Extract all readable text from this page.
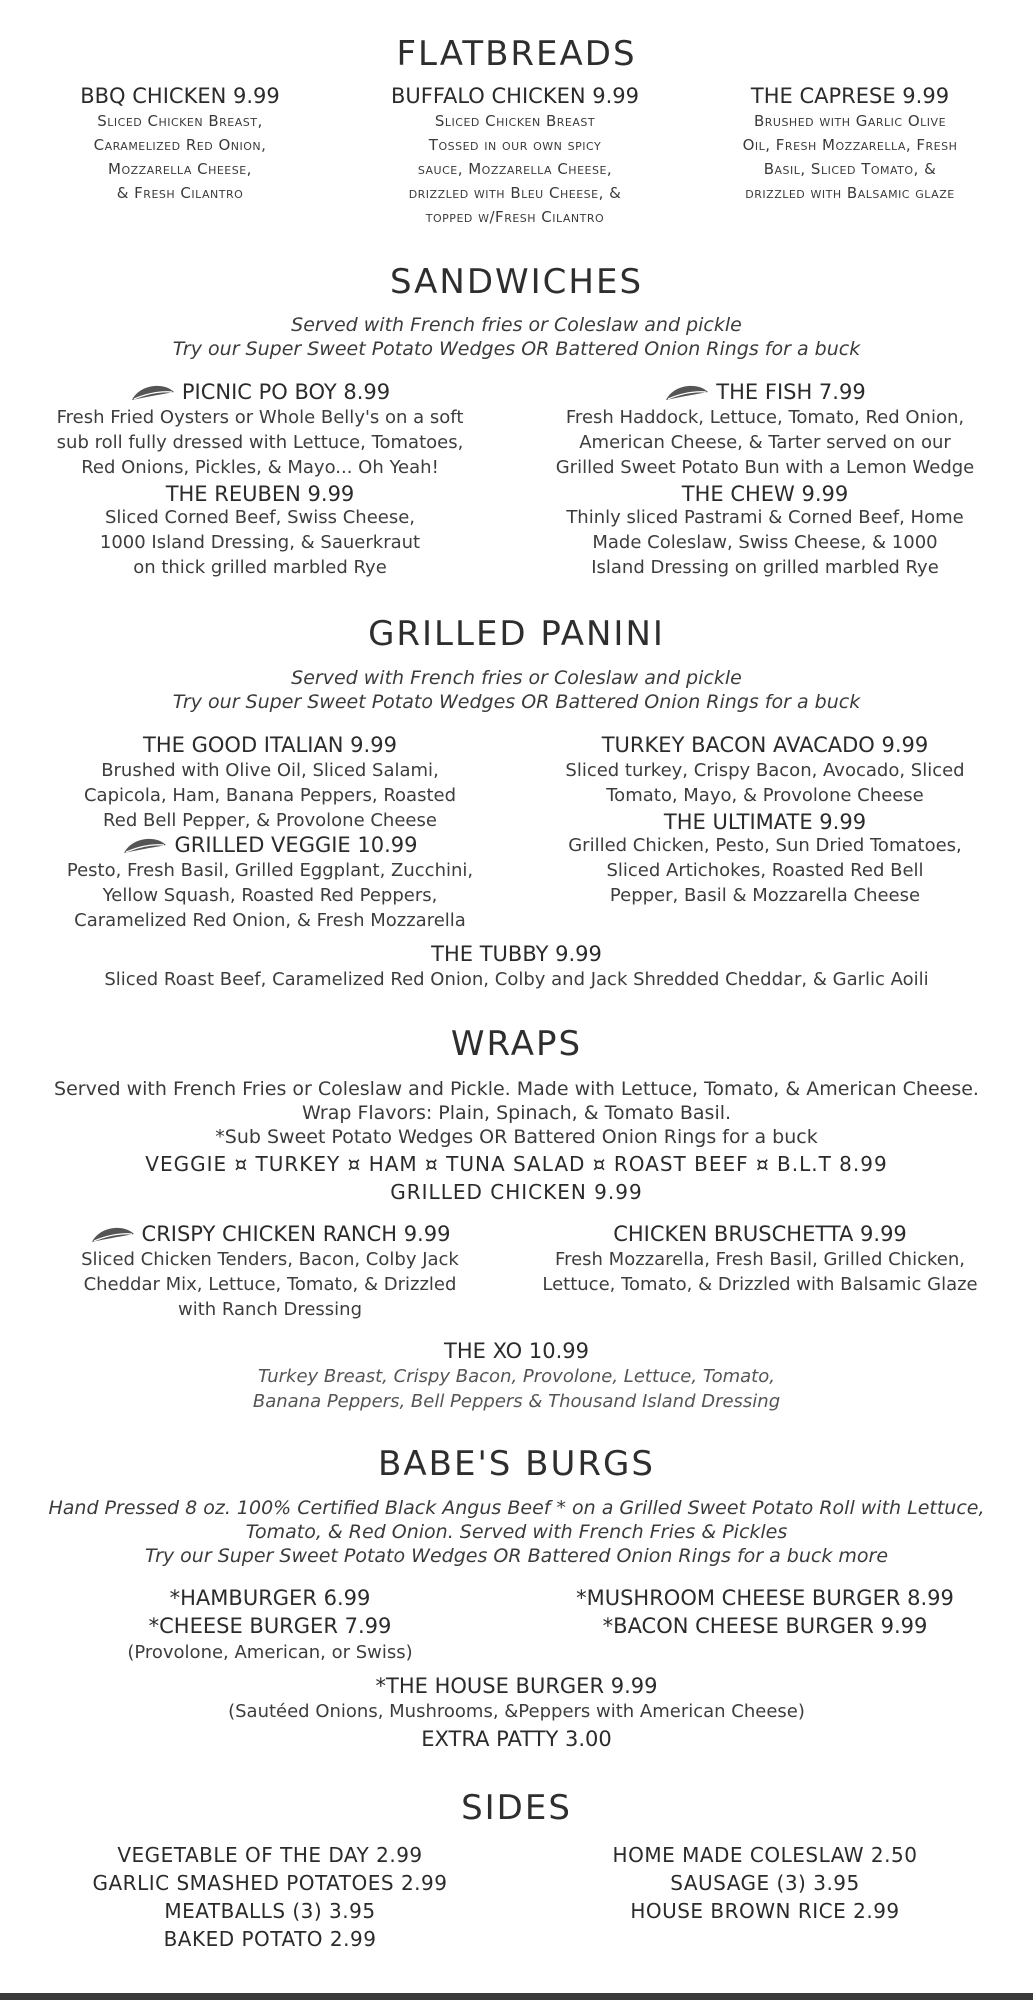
FLATBREADS
BBQ CHICKEN 9.99
Sliced Chicken Breast,
Caramelized Red Onion,
Mozzarella Cheese,
& Fresh Cilantro
BUFFALO CHICKEN 9.99
Sliced Chicken Breast
Tossed in our own spicy
sauce, Mozzarella Cheese,
drizzled with Bleu Cheese, &
topped w/Fresh Cilantro
THE CAPRESE 9.99
Brushed with Garlic Olive
Oil, Fresh Mozzarella, Fresh
Basil, Sliced Tomato, &
drizzled with Balsamic glaze
SANDWICHES
Served with French fries or Coleslaw and pickle
Try our Super Sweet Potato Wedges OR Battered Onion Rings for a buck
PICNIC PO BOY 8.99
Fresh Fried Oysters or Whole Belly's on a soft
sub roll fully dressed with Lettuce, Tomatoes,
Red Onions, Pickles, & Mayo... Oh Yeah!
THE REUBEN 9.99
Sliced Corned Beef, Swiss Cheese,
1000 Island Dressing, & Sauerkraut
on thick grilled marbled Rye
THE FISH 7.99
Fresh Haddock, Lettuce, Tomato, Red Onion,
American Cheese, & Tarter served on our
Grilled Sweet Potato Bun with a Lemon Wedge
THE CHEW 9.99
Thinly sliced Pastrami & Corned Beef, Home
Made Coleslaw, Swiss Cheese, & 1000
Island Dressing on grilled marbled Rye
GRILLED PANINI
Served with French fries or Coleslaw and pickle
Try our Super Sweet Potato Wedges OR Battered Onion Rings for a buck
THE GOOD ITALIAN 9.99
Brushed with Olive Oil, Sliced Salami,
Capicola, Ham, Banana Peppers, Roasted
Red Bell Pepper, & Provolone Cheese
GRILLED VEGGIE 10.99
Pesto, Fresh Basil, Grilled Eggplant, Zucchini,
Yellow Squash, Roasted Red Peppers,
Caramelized Red Onion, & Fresh Mozzarella
TURKEY BACON AVACADO 9.99
Sliced turkey, Crispy Bacon, Avocado, Sliced
Tomato, Mayo, & Provolone Cheese
THE ULTIMATE 9.99
Grilled Chicken, Pesto, Sun Dried Tomatoes,
Sliced Artichokes, Roasted Red Bell
Pepper, Basil & Mozzarella Cheese
THE TUBBY 9.99
Sliced Roast Beef, Caramelized Red Onion, Colby and Jack Shredded Cheddar, & Garlic Aoili
WRAPS
Served with French Fries or Coleslaw and Pickle. Made with Lettuce, Tomato, & American Cheese.
Wrap Flavors: Plain, Spinach, & Tomato Basil.
*Sub Sweet Potato Wedges OR Battered Onion Rings for a buck
VEGGIE ¤ TURKEY ¤ HAM ¤ TUNA SALAD ¤ ROAST BEEF ¤ B.L.T 8.99
GRILLED CHICKEN 9.99
CRISPY CHICKEN RANCH 9.99
Sliced Chicken Tenders, Bacon, Colby Jack
Cheddar Mix, Lettuce, Tomato, & Drizzled
with Ranch Dressing
CHICKEN BRUSCHETTA 9.99
Fresh Mozzarella, Fresh Basil, Grilled Chicken,
Lettuce, Tomato, & Drizzled with Balsamic Glaze
THE XO 10.99
Turkey Breast, Crispy Bacon, Provolone, Lettuce, Tomato,
Banana Peppers, Bell Peppers & Thousand Island Dressing
BABE'S BURGS
Hand Pressed 8 oz. 100% Certified Black Angus Beef * on a Grilled Sweet Potato Roll with Lettuce,
Tomato, & Red Onion. Served with French Fries & Pickles
Try our Super Sweet Potato Wedges OR Battered Onion Rings for a buck more
*HAMBURGER 6.99
*CHEESE BURGER 7.99
(Provolone, American, or Swiss)
*MUSHROOM CHEESE BURGER 8.99
*BACON CHEESE BURGER 9.99
*THE HOUSE BURGER 9.99
(Sautéed Onions, Mushrooms, &Peppers with American Cheese)
EXTRA PATTY 3.00
SIDES
VEGETABLE OF THE DAY 2.99
GARLIC SMASHED POTATOES 2.99
MEATBALLS (3) 3.95
BAKED POTATO 2.99
HOME MADE COLESLAW 2.50
SAUSAGE (3) 3.95
HOUSE BROWN RICE 2.99
